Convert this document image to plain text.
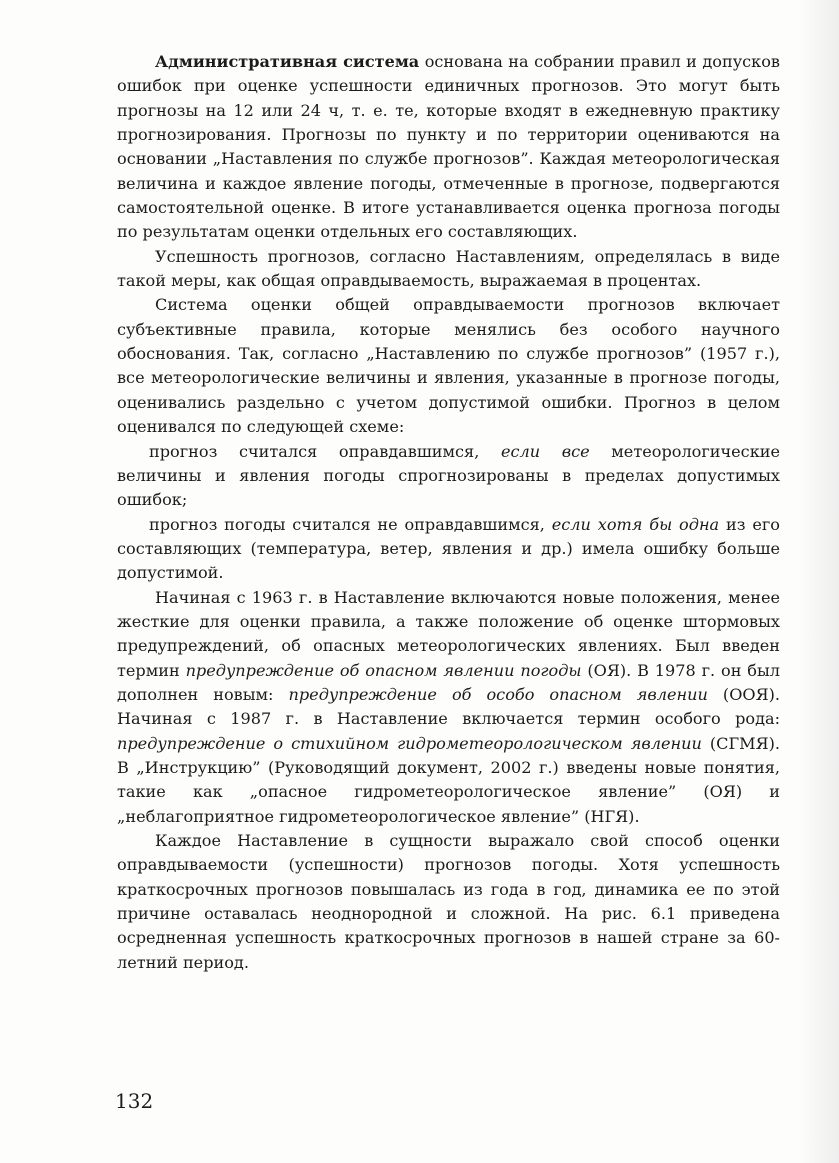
Административная система основана на собрании правил и допусков ошибок при оценке успешности единичных прогнозов. Это могут быть прогнозы на 12 или 24 ч, т. е. те, которые входят в ежедневную практику прогнозирования. Прогнозы по пункту и по территории оцениваются на основании „Наставления по службе прогнозов”. Каждая метеорологическая величина и каждое явление погоды, отмеченные в прогнозе, подвергаются самостоятельной оценке. В итоге устанавливается оценка прогноза погоды по результатам оценки отдельных его составляющих.

Успешность прогнозов, согласно Наставлениям, определялась в виде такой меры, как общая оправдываемость, выражаемая в процентах.

Система оценки общей оправдываемости прогнозов включает субъективные правила, которые менялись без особого научного обоснования. Так, согласно „Наставлению по службе прогнозов” (1957 г.), все метеорологические величины и явления, указанные в прогнозе погоды, оценивались раздельно с учетом допустимой ошибки. Прогноз в целом оценивался по следующей схеме:

прогноз считался оправдавшимся, если все метеорологические величины и явления погоды спрогнозированы в пределах допустимых ошибок;

прогноз погоды считался не оправдавшимся, если хотя бы одна из его составляющих (температура, ветер, явления и др.) имела ошибку больше допустимой.

Начиная с 1963 г. в Наставление включаются новые положения, менее жесткие для оценки правила, а также положение об оценке штормовых предупреждений, об опасных метеорологических явлениях. Был введен термин предупреждение об опасном явлении погоды (ОЯ). В 1978 г. он был дополнен новым: предупреждение об особо опасном явлении (ООЯ). Начиная с 1987 г. в Наставление включается термин особого рода: предупреждение о стихийном гидрометеорологическом явлении (СГМЯ). В „Инструкцию” (Руководящий документ, 2002 г.) введены новые понятия, такие как „опасное гидрометеорологическое явление” (ОЯ) и „неблагоприятное гидрометеорологическое явление” (НГЯ).

Каждое Наставление в сущности выражало свой способ оценки оправдываемости (успешности) прогнозов погоды. Хотя успешность краткосрочных прогнозов повышалась из года в год, динамика ее по этой причине оставалась неоднородной и сложной. На рис. 6.1 приведена осредненная успешность краткосрочных прогнозов в нашей стране за 60-летний период.

132
